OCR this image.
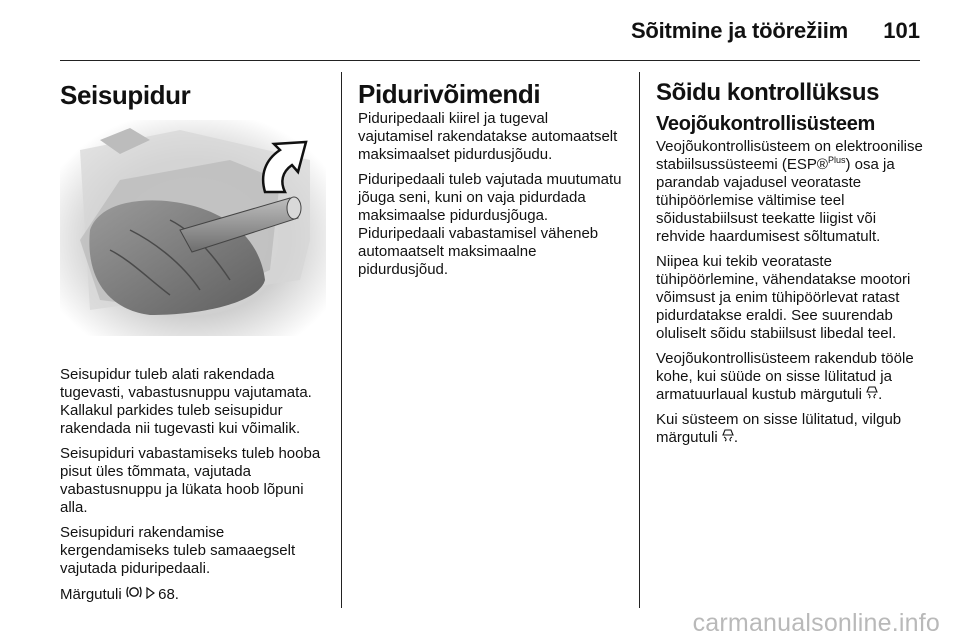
Sõitmine ja töörežiim 101
Seisupidur

Seisupidur tuleb alati rakendada tugevasti, vabastusnuppu vajutamata. Kallakul parkides tuleb seisupidur rakendada nii tugevasti kui võimalik.

Seisupiduri vabastamiseks tuleb hooba pisut üles tõmmata, vajutada vabastusnuppu ja lükata hoob lõpuni alla.

Seisupiduri rakendamise kergendamiseks tuleb samaaegselt vajutada piduripedaali.

Märgutuli 68.

Pidurivõimendi

Piduripedaali kiirel ja tugeval vajutamisel rakendatakse automaatselt maksimaalset pidurdusjõudu.

Piduripedaali tuleb vajutada muutumatu jõuga seni, kuni on vaja pidurdada maksimaalse pidurdusjõuga. Piduripedaali vabastamisel väheneb automaatselt maksimaalne pidurdusjõud.

Sõidu kontrollüksus
Veojõukontrollisüsteem

Veojõukontrollisüsteem on elektroonilise stabiilsussüsteemi (ESP®$^{Plus}$) osa ja parandab vajadusel veorataste tühipöörlemise vältimise teel sõidustabiilsust teekatte liigist või rehvide haardumisest sõltumatult.

Niipea kui tekib veorataste tühipöörlemine, vähendatakse mootori võimsust ja enim tühipöörlevat ratast pidurdatakse eraldi. See suurendab oluliselt sõidu stabiilsust libedal teel.

Veojõukontrollisüsteem rakendub tööle kohe, kui süüde on sisse lülitatud ja armatuurlaual kustub märgutuli .

Kui süsteem on sisse lülitatud, vilgub märgutuli .

carmanualsonline.info
